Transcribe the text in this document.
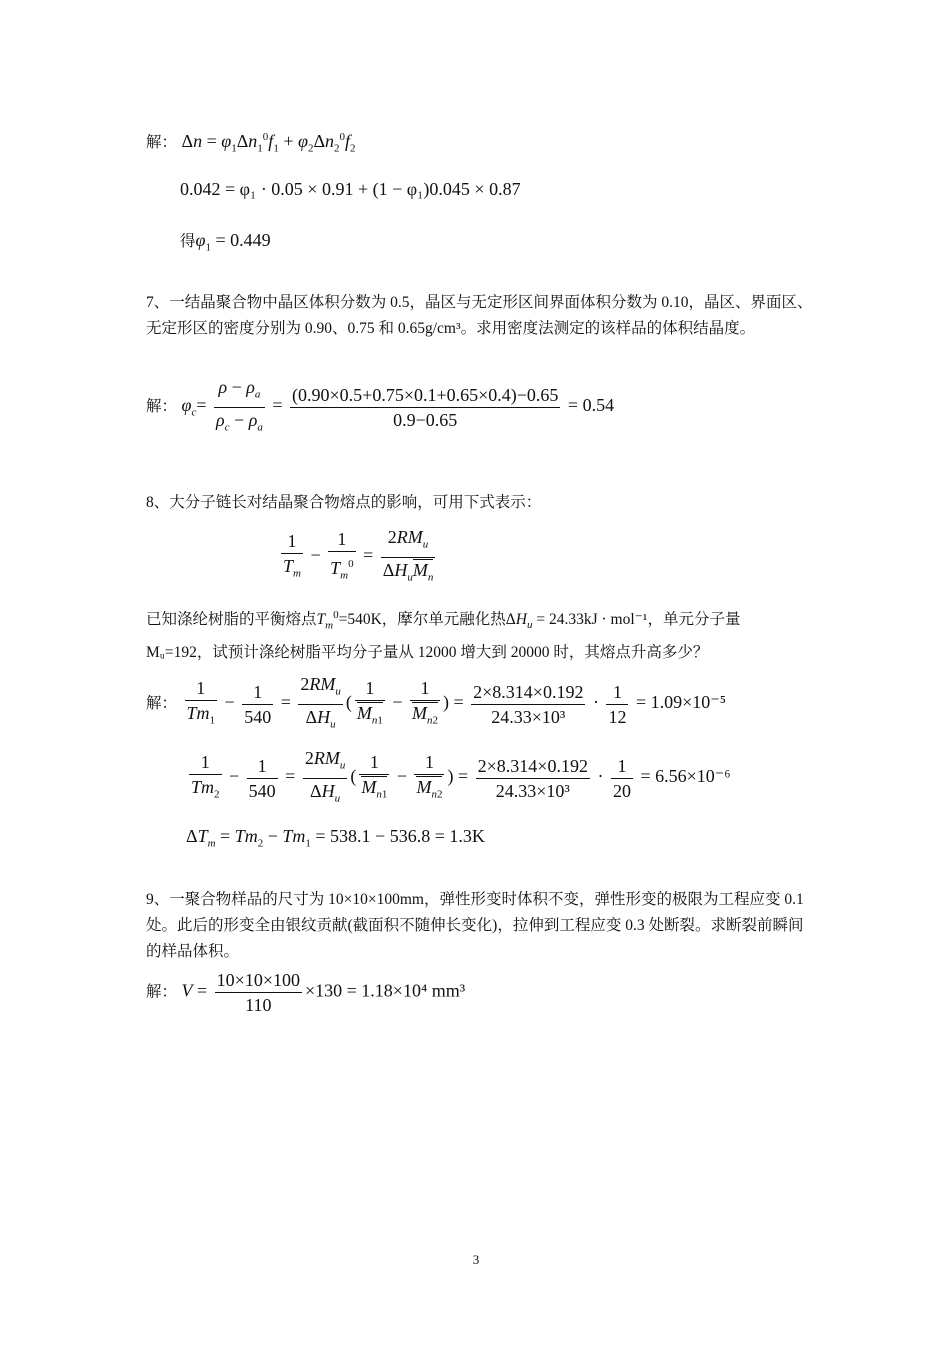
解： $\Delta n = \varphi_1\Delta n_1^0f_1 + \varphi_2\Delta n_2^0f_2$
0.042 = φ₁ · 0.05 × 0.91 + (1 − φ₁)0.045 × 0.87
得$\varphi_1 = 0.449$
7、一结晶聚合物中晶区体积分数为 0.5，晶区与无定形区间界面体积分数为 0.10，晶区、界面区、无定形区的密度分别为 0.90、0.75 和 0.65g/cm³。求用密度法测定的该样品的体积结晶度。
解： $\varphi_c= \frac{\rho - \rho_a}{\rho_c - \rho_a} = \frac{(0.90\times 0.5+0.75\times 0.1+0.65\times 0.4)-0.65}{0.9-0.65} = 0.54$
8、大分子链长对结晶聚合物熔点的影响，可用下式表示：
$\frac{1}{T_m} - \frac{1}{T_m^0} = \frac{2RM_u}{\Delta H_uM_n}$
已知涤纶树脂的平衡熔点$T_m^0=540K$，摩尔单元融化热$\Delta H_u = 24.33kJ \cdot mol^{-1}$，单元分子量
Mᵤ=192，试预计涤纶树脂平均分子量从 12000 增大到 20000 时，其熔点升高多少？
解： $\frac{1}{Tm_1} - \frac{1}{540} = \frac{2RM_u}{\Delta H_u}$ ( $\frac{1}{M_{n1}} - \frac{1}{M_{n2}}$ ) = $\frac{2\times 8.314\times 0.192}{\text{24.33×10³}} \cdot \frac{1}{12} = 1.09\times 10^{-5}$
$\frac{1}{Tm_2} - \frac{1}{540} = \frac{2RM_u}{\Delta H_u}$ ( $\frac{1}{M_{n1}} - \frac{1}{M_{n2}}$ ) = $\frac{2\times 8.314\times 0.192}{\text{24.33×10³}} \cdot \frac{1}{20} = 6.56\times 10^{-6}$
$\Delta T_m = Tm_2 - Tm_1 = 538.1 - 536.8 = 1.3K$
9、一聚合物样品的尺寸为 10×10×100mm，弹性形变时体积不变，弹性形变的极限为工程应变 0.1 处。此后的形变全由银纹贡献(截面积不随伸长变化)，拉伸到工程应变 0.3 处断裂。求断裂前瞬间的样品体积。
解： $V = \frac{10\times 10\times 100}{110} \times 130 = 1.18\times 10^4$ mm³
3
